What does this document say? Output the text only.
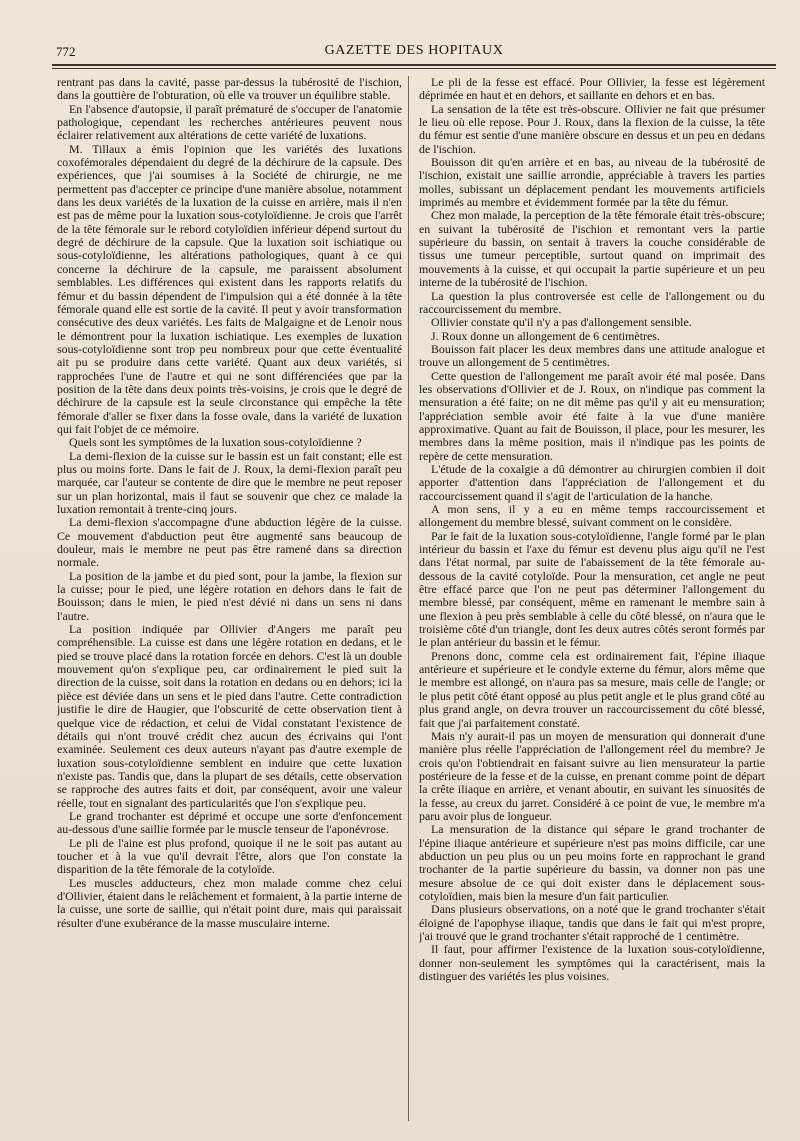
772	GAZETTE DES HOPITAUX

rentrant pas dans la cavité, passe par-dessus la tubérosité de l'ischion, dans la gouttière de l'obturation, où elle va trouver un équilibre stable.

En l'absence d'autopsie, il paraît prématuré de s'occuper de l'anatomie pathologique, cependant les recherches antérieures peuvent nous éclairer relativement aux altérations de cette variété de luxations.

M. Tillaux a émis l'opinion que les variétés des luxations coxofémorales dépendaient du degré de la déchirure de la capsule. Des expériences, que j'ai soumises à la Société de chirurgie, ne me permettent pas d'accepter ce principe d'une manière absolue, notamment dans les deux variétés de la luxation de la cuisse en arrière, mais il n'en est pas de même pour la luxation sous-cotyloïdienne. Je crois que l'arrêt de la tête fémorale sur le rebord cotyloïdien inférieur dépend surtout du degré de déchirure de la capsule. Que la luxation soit ischiatique ou sous-cotyloïdienne, les altérations pathologiques, quant à ce qui concerne la déchirure de la capsule, me paraissent absolument semblables. Les différences qui existent dans les rapports relatifs du fémur et du bassin dépendent de l'impulsion qui a été donnée à la tête fémorale quand elle est sortie de la cavité. Il peut y avoir transformation consécutive des deux variétés. Les faits de Malgaigne et de Lenoir nous le démontrent pour la luxation ischiatique. Les exemples de luxation sous-cotyloïdienne sont trop peu nombreux pour que cette éventualité ait pu se produire dans cette variété. Quant aux deux variétés, si rapprochées l'une de l'autre et qui ne sont différenciées que par la position de la tête dans deux points très-voisins, je crois que le degré de déchirure de la capsule est la seule circonstance qui empêche la tête fémorale d'aller se fixer dans la fosse ovale, dans la variété de luxation qui fait l'objet de ce mémoire.

Quels sont les symptômes de la luxation sous-cotyloïdienne ?

La demi-flexion de la cuisse sur le bassin est un fait constant; elle est plus ou moins forte. Dans le fait de J. Roux, la demi-flexion paraît peu marquée, car l'auteur se contente de dire que le membre ne peut reposer sur un plan horizontal, mais il faut se souvenir que chez ce malade la luxation remontait à trente-cinq jours.

La demi-flexion s'accompagne d'une abduction légère de la cuisse. Ce mouvement d'abduction peut être augmenté sans beaucoup de douleur, mais le membre ne peut pas être ramené dans sa direction normale.

La position de la jambe et du pied sont, pour la jambe, la flexion sur la cuisse; pour le pied, une légère rotation en dehors dans le fait de Bouisson; dans le mien, le pied n'est dévié ni dans un sens ni dans l'autre.

La position indiquée par Ollivier d'Angers me paraît peu compréhensible. La cuisse est dans une légère rotation en dedans, et le pied se trouve placé dans la rotation forcée en dehors. C'est là un double mouvement qu'on s'explique peu, car ordinairement le pied suit la direction de la cuisse, soit dans la rotation en dedans ou en dehors; ici la pièce est déviée dans un sens et le pied dans l'autre. Cette contradiction justifie le dire de Haugier, que l'obscurité de cette observation tient à quelque vice de rédaction, et celui de Vidal constatant l'existence de détails qui n'ont trouvé crédit chez aucun des écrivains qui l'ont examinée. Seulement ces deux auteurs n'ayant pas d'autre exemple de luxation sous-cotyloïdienne semblent en induire que cette luxation n'existe pas. Tandis que, dans la plupart de ses détails, cette observation se rapproche des autres faits et doit, par conséquent, avoir une valeur réelle, tout en signalant des particularités que l'on s'explique peu.

Le grand trochanter est déprimé et occupe une sorte d'enfoncement au-dessous d'une saillie formée par le muscle tenseur de l'aponévrose.

Le pli de l'aine est plus profond, quoique il ne le soit pas autant au toucher et à la vue qu'il devrait l'être, alors que l'on constate la disparition de la tête fémorale de la cotyloïde.

Les muscles adducteurs, chez mon malade comme chez celui d'Ollivier, étaient dans le relâchement et formaient, à la partie interne de la cuisse, une sorte de saillie, qui n'était point dure, mais qui paraissait résulter d'une exubérance de la masse musculaire interne.

Le pli de la fesse est effacé. Pour Ollivier, la fesse est légèrement déprimée en haut et en dehors, et saillante en dehors et en bas.

La sensation de la tête est très-obscure. Ollivier ne fait que présumer le lieu où elle repose. Pour J. Roux, dans la flexion de la cuisse, la tête du fémur est sentie d'une manière obscure en dessus et un peu en dedans de l'ischion.

Bouisson dit qu'en arrière et en bas, au niveau de la tubérosité de l'ischion, existait une saillie arrondie, appréciable à travers les parties molles, subissant un déplacement pendant les mouvements artificiels imprimés au membre et évidemment formée par la tête du fémur.

Chez mon malade, la perception de la tête fémorale était très-obscure; en suivant la tubérosité de l'ischion et remontant vers la partie supérieure du bassin, on sentait à travers la couche considérable de tissus une tumeur perceptible, surtout quand on imprimait des mouvements à la cuisse, et qui occupait la partie supérieure et un peu interne de la tubérosité de l'ischion.

La question la plus controversée est celle de l'allongement ou du raccourcissement du membre.

Ollivier constate qu'il n'y a pas d'allongement sensible.

J. Roux donne un allongement de 6 centimètres.

Bouisson fait placer les deux membres dans une attitude analogue et trouve un allongement de 5 centimètres.

Cette question de l'allongement me paraît avoir été mal posée. Dans les observations d'Ollivier et de J. Roux, on n'indique pas comment la mensuration a été faite; on ne dit même pas qu'il y ait eu mensuration; l'appréciation semble avoir été faite à la vue d'une manière approximative. Quant au fait de Bouisson, il place, pour les mesurer, les membres dans la même position, mais il n'indique pas les points de repère de cette mensuration.

L'étude de la coxalgie a dû démontrer au chirurgien combien il doit apporter d'attention dans l'appréciation de l'allongement et du raccourcissement quand il s'agit de l'articulation de la hanche.

A mon sens, il y a eu en même temps raccourcissement et allongement du membre blessé, suivant comment on le considère.

Par le fait de la luxation sous-cotyloïdienne, l'angle formé par le plan intérieur du bassin et l'axe du fémur est devenu plus aigu qu'il ne l'est dans l'état normal, par suite de l'abaissement de la tête fémorale au-dessous de la cavité cotyloïde. Pour la mensuration, cet angle ne peut être effacé parce que l'on ne peut pas déterminer l'allongement du membre blessé, par conséquent, même en ramenant le membre sain à une flexion à peu près semblable à celle du côté blessé, on n'aura que le troisième côté d'un triangle, dont les deux autres côtés seront formés par le plan antérieur du bassin et le fémur.

Prenons donc, comme cela est ordinairement fait, l'épine iliaque antérieure et supérieure et le condyle externe du fémur, alors même que le membre est allongé, on n'aura pas sa mesure, mais celle de l'angle; or le plus petit côté étant opposé au plus petit angle et le plus grand côté au plus grand angle, on devra trouver un raccourcissement du côté blessé, fait que j'ai parfaitement constaté.

Mais n'y aurait-il pas un moyen de mensuration qui donnerait d'une manière plus réelle l'appréciation de l'allongement réel du membre? Je crois qu'on l'obtiendrait en faisant suivre au lien mensurateur la partie postérieure de la fesse et de la cuisse, en prenant comme point de départ la crête iliaque en arrière, et venant aboutir, en suivant les sinuosités de la fesse, au creux du jarret. Considéré à ce point de vue, le membre m'a paru avoir plus de longueur.

La mensuration de la distance qui sépare le grand trochanter de l'épine iliaque antérieure et supérieure n'est pas moins difficile, car une abduction un peu plus ou un peu moins forte en rapprochant le grand trochanter de la partie supérieure du bassin, va donner non pas une mesure absolue de ce qui doit exister dans le déplacement sous-cotyloïdien, mais bien la mesure d'un fait particulier.

Dans plusieurs observations, on a noté que le grand trochanter s'était éloigné de l'apophyse iliaque, tandis que dans le fait qui m'est propre, j'ai trouvé que le grand trochanter s'était rapproché de 1 centimètre.

Il faut, pour affirmer l'existence de la luxation sous-cotyloïdienne, donner non-seulement les symptômes qui la caractérisent, mais la distinguer des variétés les plus voisines.
